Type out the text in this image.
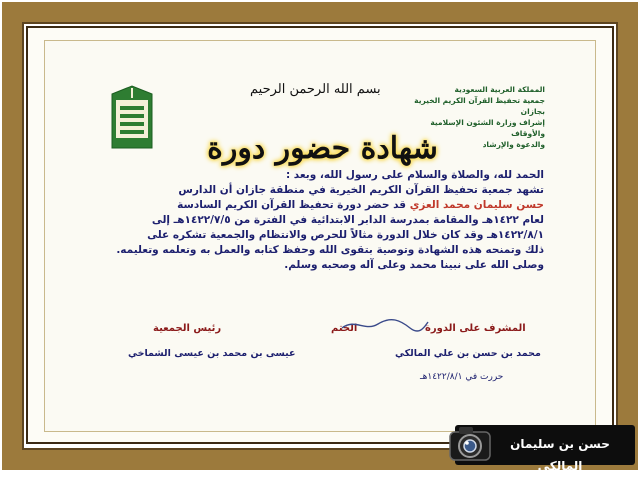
بسم الله الرحمن الرحيم	المملكة العربية السعودية
جمعية تحفيظ القرآن الكريم الخيرية بجازان
إشراف وزارة الشئون الإسلامية والأوقاف
والدعوة والإرشاد
شهادة حضور دورة
الحمد لله، والصلاة والسلام على رسول الله، وبعد :
تشهد جمعية تحفيظ القرآن الكريم الخيرية في منطقة جازان أن الدارس
حسن سليمان محمد العزي قد حضر دورة تحفيظ القرآن الكريم السادسة
لعام ١٤٢٢هـ والمقامة بمدرسة الدابر الابتدائية في الفترة من ١٤٢٢/٧/٥هـ إلى
١٤٢٢/٨/١هـ وقد كان خلال الدورة مثالاً للحرص والانتظام والجمعية تشكره على
ذلك وتمنحه هذه الشهادة وتوصية بتقوى الله وحفظ كتابه والعمل به وتعلمه وتعليمه.
وصلى الله على نبينا محمد وعلى آله وصحبه وسلم.
المشرف على الدورة
الختم
رئيس الجمعية
محمد بن حسن بن علي المالكي
عيسى بن محمد بن عيسى الشماخي
حررت في ١٤٢٢/٨/١هـ
حسن بن سليمان المالكي
